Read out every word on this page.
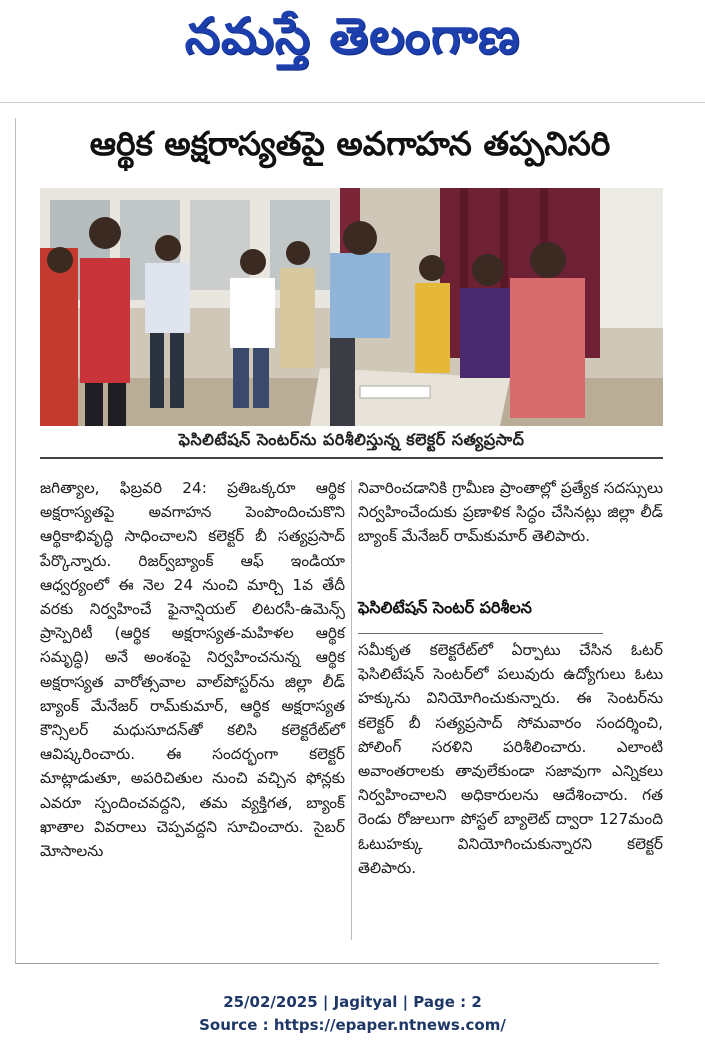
నమస్తే తెలంగాణ
ఆర్థిక అక్షరాస్యతపై అవగాహన తప్పనిసరి
ఫెసిలిటేషన్ సెంటర్‌ను పరిశీలిస్తున్న కలెక్టర్ సత్యప్రసాద్
జగిత్యాల, ఫిబ్రవరి 24: ప్రతిఒక్కరూ ఆర్థిక అక్షరాస్యతపై అవగాహన పెంపొందించుకొని ఆర్థికాభివృద్ధి సాధించాలని కలెక్టర్ బీ సత్యప్రసాద్ పేర్కొన్నారు. రిజర్వ్‌బ్యాంక్ ఆఫ్ ఇండియా ఆధ్వర్యంలో ఈ నెల 24 నుంచి మార్చి 1వ తేదీ వరకు నిర్వహించే ఫైనాన్షియల్ లిటరసీ-ఉమెన్స్ ప్రాస్పెరిటీ (ఆర్థిక అక్షరాస్యత-మహిళల ఆర్థిక సమృద్ధి) అనే అంశంపై నిర్వహించనున్న ఆర్థిక అక్షరాస్యత వారోత్సవాల వాల్‌పోస్టర్‌ను జిల్లా లీడ్ బ్యాంక్ మేనేజర్ రామ్‌కుమార్, ఆర్థిక అక్షరాస్యత కౌన్సిలర్ మధుసూదన్‌తో కలిసి కలెక్టరేట్‌లో ఆవిష్కరించారు. ఈ సందర్భంగా కలెక్టర్ మాట్లాడుతూ, అపరిచితుల నుంచి వచ్చిన ఫోన్లకు ఎవరూ స్పందించవద్దని, తమ వ్యక్తిగత, బ్యాంక్ ఖాతాల వివరాలు చెప్పవద్దని సూచించారు. సైబర్ మోసాలను
నివారించడానికి గ్రామీణ ప్రాంతాల్లో ప్రత్యేక సదస్సులు నిర్వహించేందుకు ప్రణాళిక సిద్ధం చేసినట్లు జిల్లా లీడ్ బ్యాంక్ మేనేజర్ రామ్‌కుమార్ తెలిపారు.
ఫెసిలిటేషన్ సెంటర్ పరిశీలన
సమీకృత కలెక్టరేట్‌లో ఏర్పాటు చేసిన ఓటర్ ఫెసిలిటేషన్ సెంటర్‌లో పలువురు ఉద్యోగులు ఓటు హక్కును వినియోగించుకున్నారు. ఈ సెంటర్‌ను కలెక్టర్ బీ సత్యప్రసాద్ సోమవారం సందర్శించి, పోలింగ్ సరళిని పరిశీలించారు. ఎలాంటి అవాంతరాలకు తావులేకుండా సజావుగా ఎన్నికలు నిర్వహించాలని అధికారులను ఆదేశించారు. గత రెండు రోజులుగా పోస్టల్ బ్యాలెట్ ద్వారా 127మంది ఓటుహక్కు వినియోగించుకున్నారని కలెక్టర్ తెలిపారు.
25/02/2025 | Jagityal | Page : 2
Source : https://epaper.ntnews.com/
